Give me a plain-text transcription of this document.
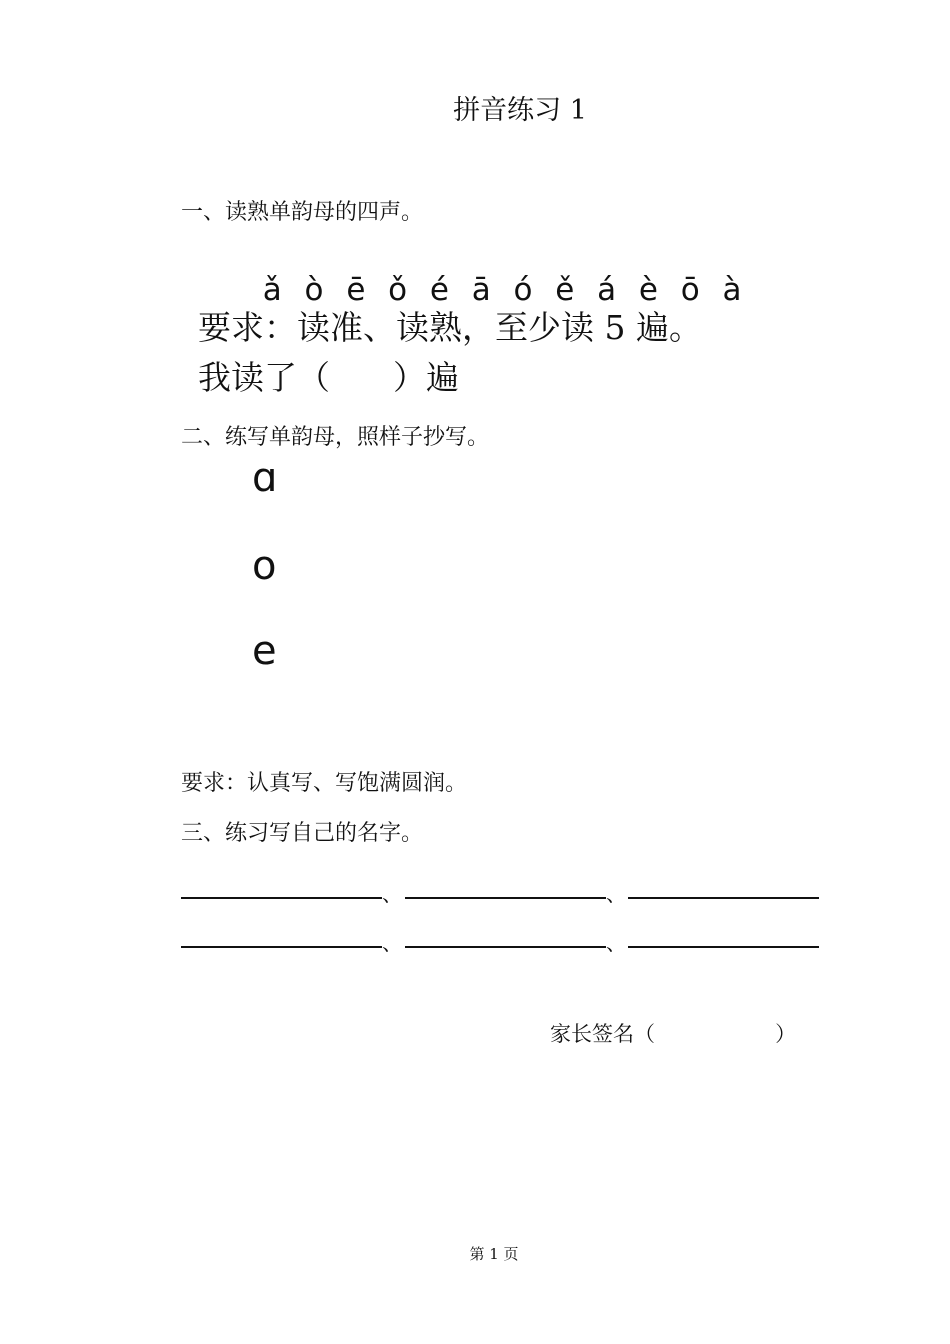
拼音练习 1
一、读熟单韵母的四声。

ǎ ò ē ǒ é ā ó ě á è ō à

要求：读准、读熟，至少读 5 遍。
我读了（      ）遍
二、练写单韵母，照样子抄写。
ɑ
o
e
要求：认真写、写饱满圆润。
三、练习写自己的名字。
、	、
、	、
家长签名（                  ）
第 1 页
